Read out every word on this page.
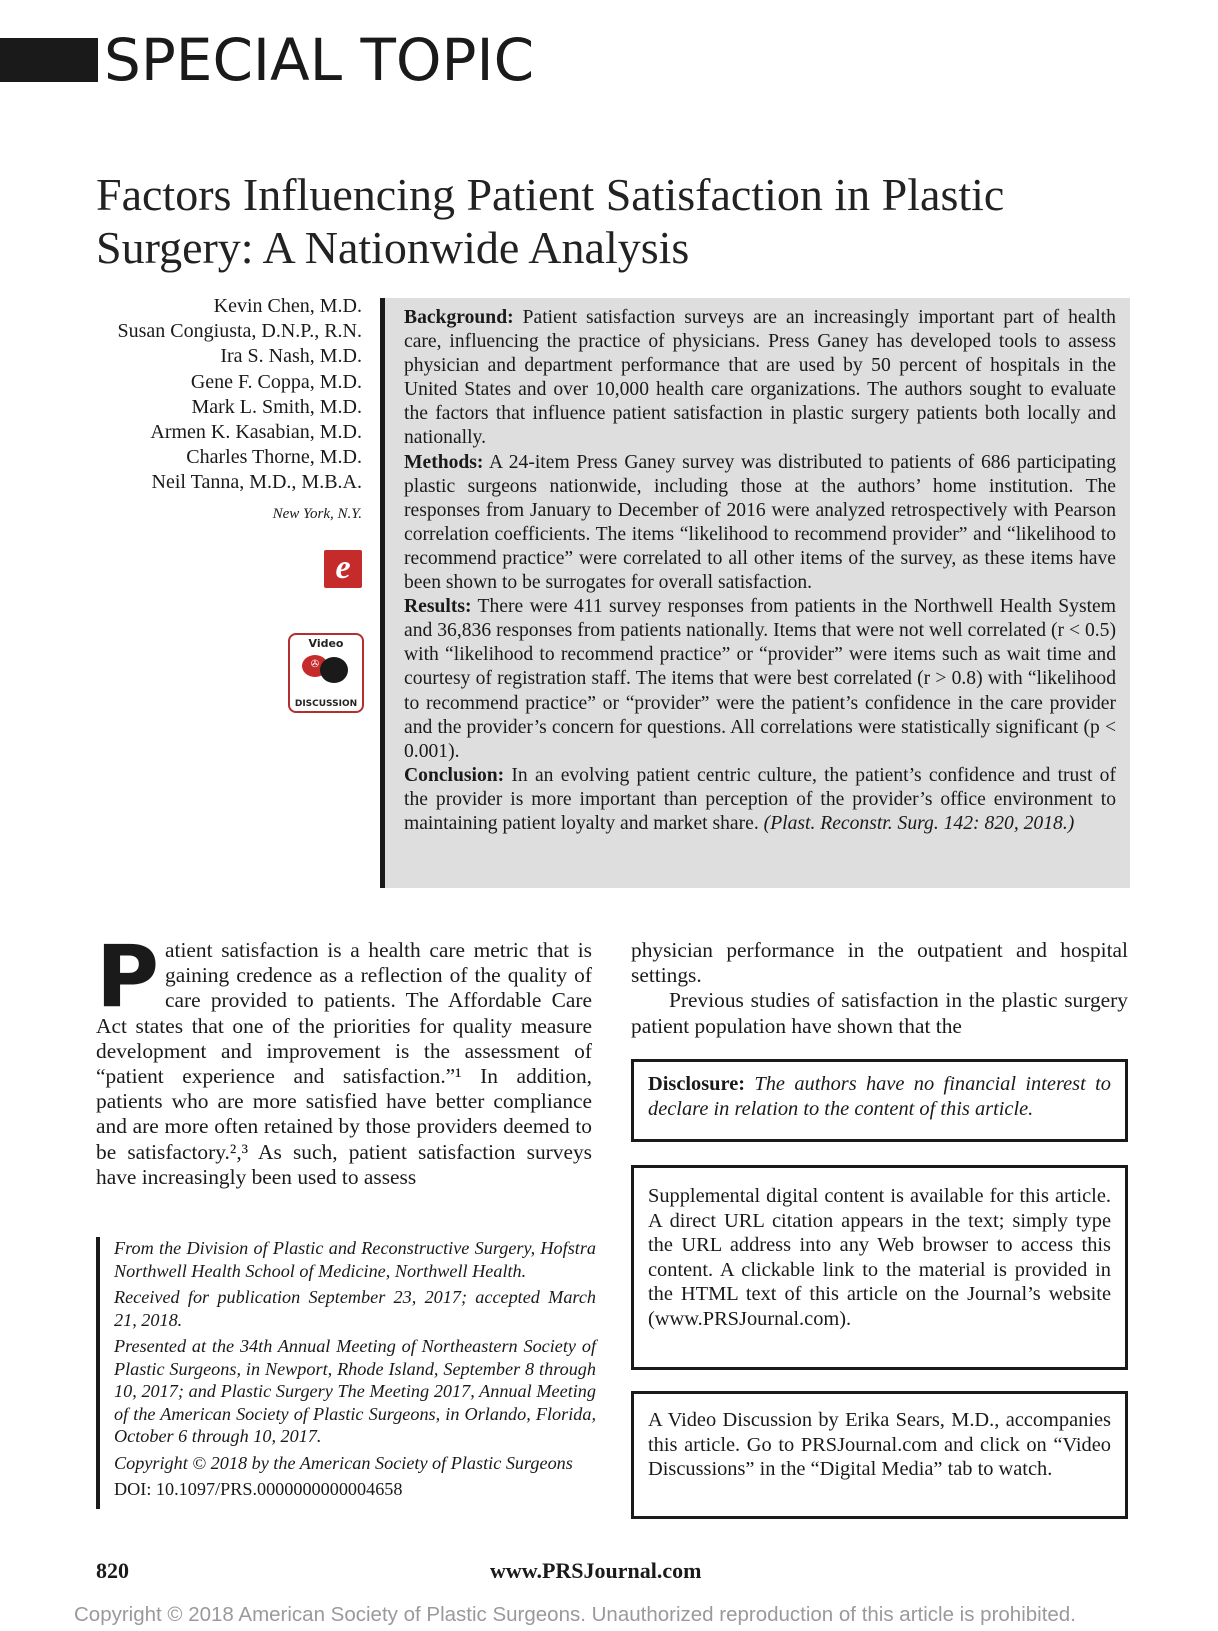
SPECIAL TOPIC
Factors Influencing Patient Satisfaction in Plastic Surgery: A Nationwide Analysis
Kevin Chen, M.D.
Susan Congiusta, D.N.P., R.N.
Ira S. Nash, M.D.
Gene F. Coppa, M.D.
Mark L. Smith, M.D.
Armen K. Kasabian, M.D.
Charles Thorne, M.D.
Neil Tanna, M.D., M.B.A.
New York, N.Y.
e
Video
✇
DISCUSSION

Background: Patient satisfaction surveys are an increasingly important part of health care, influencing the practice of physicians. Press Ganey has developed tools to assess physician and department performance that are used by 50 percent of hospitals in the United States and over 10,000 health care organizations. The authors sought to evaluate the factors that influence patient satisfaction in plastic surgery patients both locally and nationally.

Methods: A 24-item Press Ganey survey was distributed to patients of 686 participating plastic surgeons nationwide, including those at the authors’ home institution. The responses from January to December of 2016 were analyzed retrospectively with Pearson correlation coefficients. The items “likelihood to recommend provider” and “likelihood to recommend practice” were correlated to all other items of the survey, as these items have been shown to be surrogates for overall satisfaction.

Results: There were 411 survey responses from patients in the Northwell Health System and 36,836 responses from patients nationally. Items that were not well correlated (r < 0.5) with “likelihood to recommend practice” or “provider” were items such as wait time and courtesy of registration staff. The items that were best correlated (r > 0.8) with “likelihood to recommend practice” or “provider” were the patient’s confidence in the care provider and the provider’s concern for questions. All correlations were statistically significant (p < 0.001).

Conclusion: In an evolving patient centric culture, the patient’s confidence and trust of the provider is more important than perception of the provider’s office environment to maintaining patient loyalty and market share. (Plast. Reconstr. Surg. 142: 820, 2018.)

Patient satisfaction is a health care metric that is gaining credence as a reflection of the quality of care provided to patients. The Affordable Care Act states that one of the priorities for quality measure development and improvement is the assessment of “patient experience and satisfaction.”¹ In addition, patients who are more satisfied have better compliance and are more often retained by those providers deemed to be satisfactory.²,³ As such, patient satisfaction surveys have increasingly been used to assess

physician performance in the outpatient and hospital settings.

Previous studies of satisfaction in the plastic surgery patient population have shown that the

From the Division of Plastic and Reconstructive Surgery, Hofstra Northwell Health School of Medicine, Northwell Health.

Received for publication September 23, 2017; accepted March 21, 2018.

Presented at the 34th Annual Meeting of Northeastern Society of Plastic Surgeons, in Newport, Rhode Island, September 8 through 10, 2017; and Plastic Surgery The Meeting 2017, Annual Meeting of the American Society of Plastic Surgeons, in Orlando, Florida, October 6 through 10, 2017.

Copyright © 2018 by the American Society of Plastic Surgeons

DOI: 10.1097/PRS.0000000000004658

Disclosure: The authors have no financial interest to declare in relation to the content of this article.

Supplemental digital content is available for this article. A direct URL citation appears in the text; simply type the URL address into any Web browser to access this content. A clickable link to the material is provided in the HTML text of this article on the Journal’s website (www.PRSJournal.com).

A Video Discussion by Erika Sears, M.D., accompanies this article. Go to PRSJournal.com and click on “Video Discussions” in the “Digital Media” tab to watch.

820	www.PRSJournal.com
Copyright © 2018 American Society of Plastic Surgeons. Unauthorized reproduction of this article is prohibited.
